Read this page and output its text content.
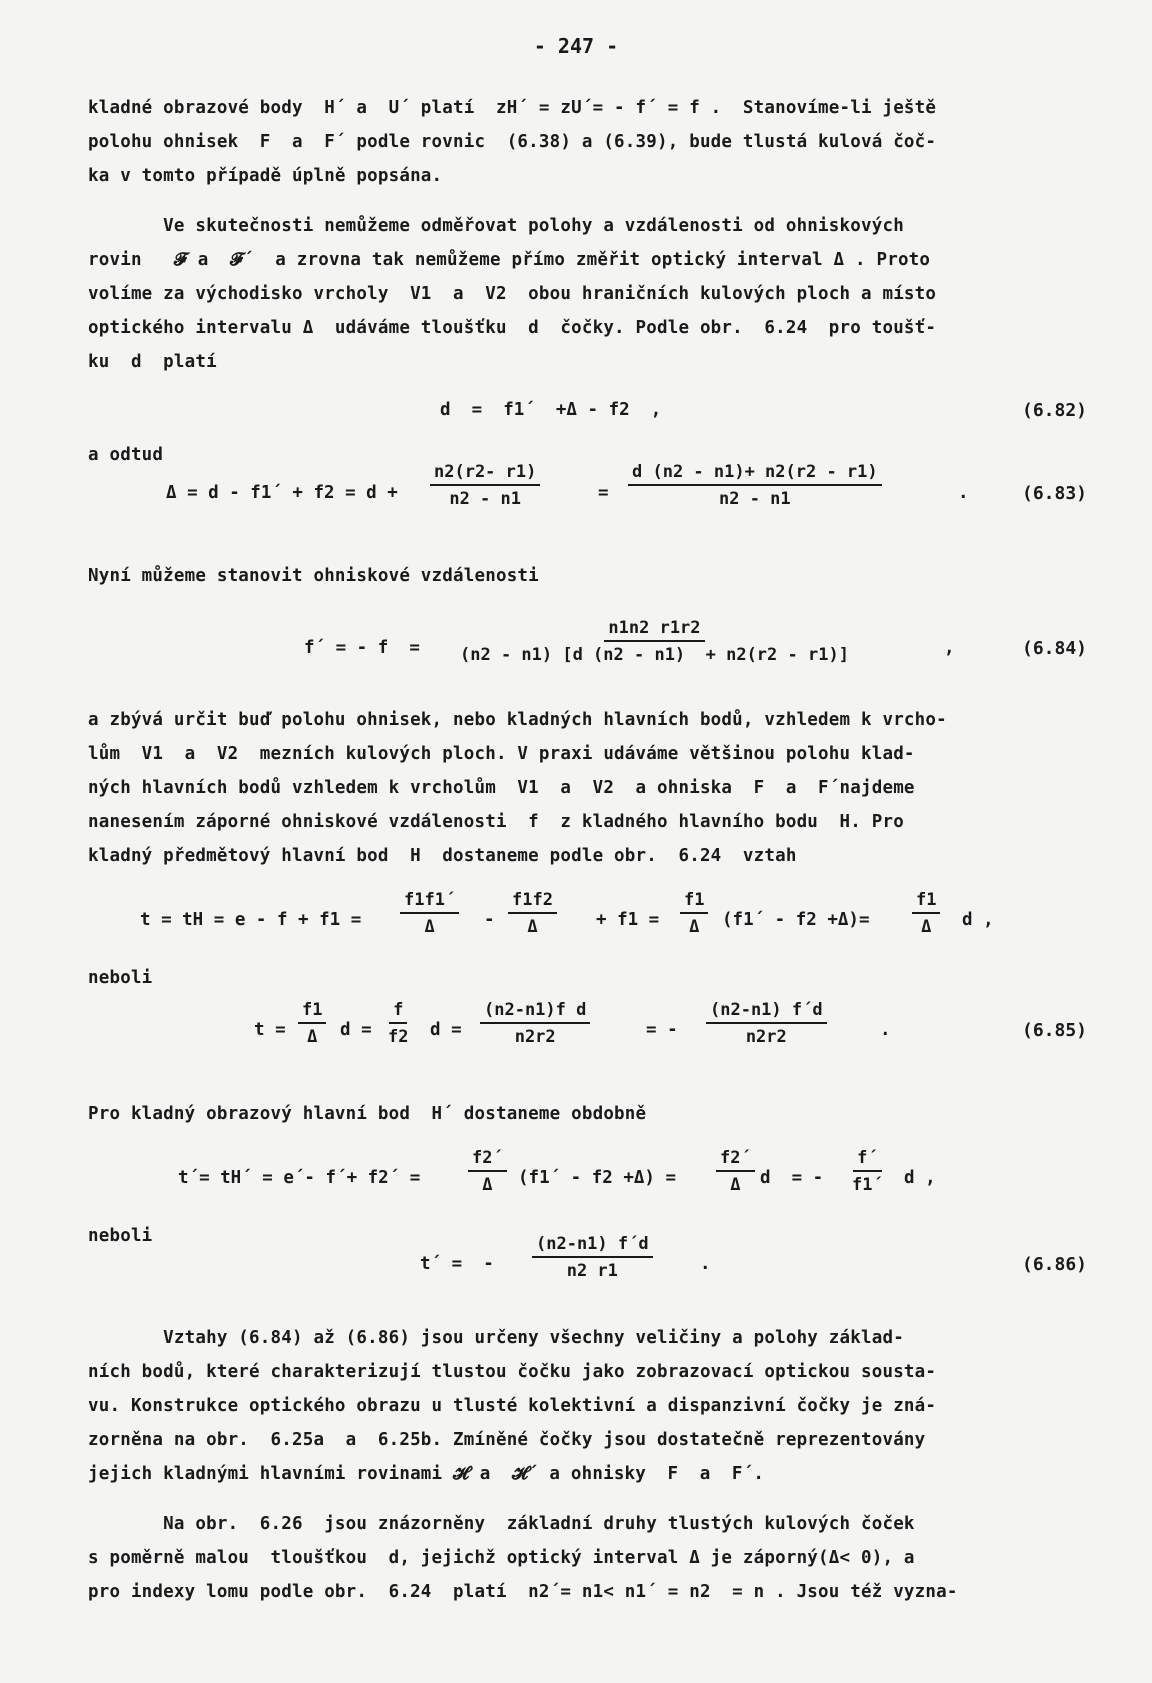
- 247 -
kladné obrazové body  H´ a  U´ platí  zH´ = zU´= - f´ = f .  Stanovíme-li ještě
polohu ohnisek  F  a  F´ podle rovnic  (6.38) a (6.39), bude tlustá kulová čoč-
ka v tomto případě úplně popsána.
Ve skutečnosti nemůžeme odměřovat polohy a vzdálenosti od ohniskových
rovin   𝓕 a  𝓕´  a zrovna tak nemůžeme přímo změřit optický interval Δ . Proto
volíme za východisko vrcholy  V1  a  V2  obou hraničních kulových ploch a místo
optického intervalu Δ  udáváme tloušťku  d  čočky. Podle obr.  6.24  pro toušť-
ku  d  platí
d  =  f1´  +Δ - f2  ,	(6.82)
a odtud
Δ = d - f1´ + $f2 = d + \frac{n2(r2- r1)}{n2 - n1}$	= $\frac{d (n2 - n1)+ n2(r2 - r1)}{n2 - n1}$	.	(6.83)
Nyní můžeme stanovit ohniskové vzdálenosti
f´ = - $f = \frac{n1n2 r1r2}{(n2 - n1) [d (n2 - n1) + n2(r2 - r1)]}$	,	(6.84)
a zbývá určit buď polohu ohnisek, nebo kladných hlavních bodů, vzhledem k vrcho-
lům  V1  a  V2  mezních kulových ploch. V praxi udáváme většinou polohu klad-
ných hlavních bodů vzhledem k vrcholům  V1  a  V2  a ohniska  F  a  F´najdeme
nanesením záporné ohniskové vzdálenosti  f  z kladného hlavního bodu  H. Pro
kladný předmětový hlavní bod  H  dostaneme podle obr.  6.24  vztah
t = tH = $e - f + f1 = \frac{f1f1´}{\Delta} - \frac{f1f2}{\Delta} + f1 = \frac{f1}{\Delta}$ (f1´ - $f2 +\Delta)= \frac{f1}{\Delta}$ d ,
neboli
$t = \frac{f1}{\Delta}$ $d = \frac{f}{f2}$ $d = \frac{\text{(n2-n1)f d}}{n2r2}$	= - $\frac{(n2-n1) f´d}{n2r2}$	.	(6.85)
Pro kladný obrazový hlavní bod  H´ dostaneme obdobně
t´= tH´ = e´- f´+ f2´ =	$\frac{f2´}{\Delta}$ (f1´ - $f2 +\Delta) = \frac{f2´}{\Delta}$ d  = - $\frac{f´}{f1´}$ d ,
neboli
t´ =  - $\frac{(n2-n1) f´d}{n2 r1}$	.	(6.86)
Vztahy (6.84) až (6.86) jsou určeny všechny veličiny a polohy základ-
ních bodů, které charakterizují tlustou čočku jako zobrazovací optickou sousta-
vu. Konstrukce optického obrazu u tlusté kolektivní a dispanzivní čočky je zná-
zorněna na obr.  6.25a  a  6.25b. Zmíněné čočky jsou dostatečně reprezentovány
jejich kladnými hlavními rovinami 𝓗 a  𝓗´ a ohnisky  F  a  F´.
Na obr.  6.26  jsou znázorněny  základní druhy tlustých kulových čoček
s poměrně malou  tloušťkou  d, jejichž optický interval Δ je záporný(Δ< 0), a
pro indexy lomu podle obr.  6.24  platí  n2´= n1< n1´ = n2  = n . Jsou též vyzna-
